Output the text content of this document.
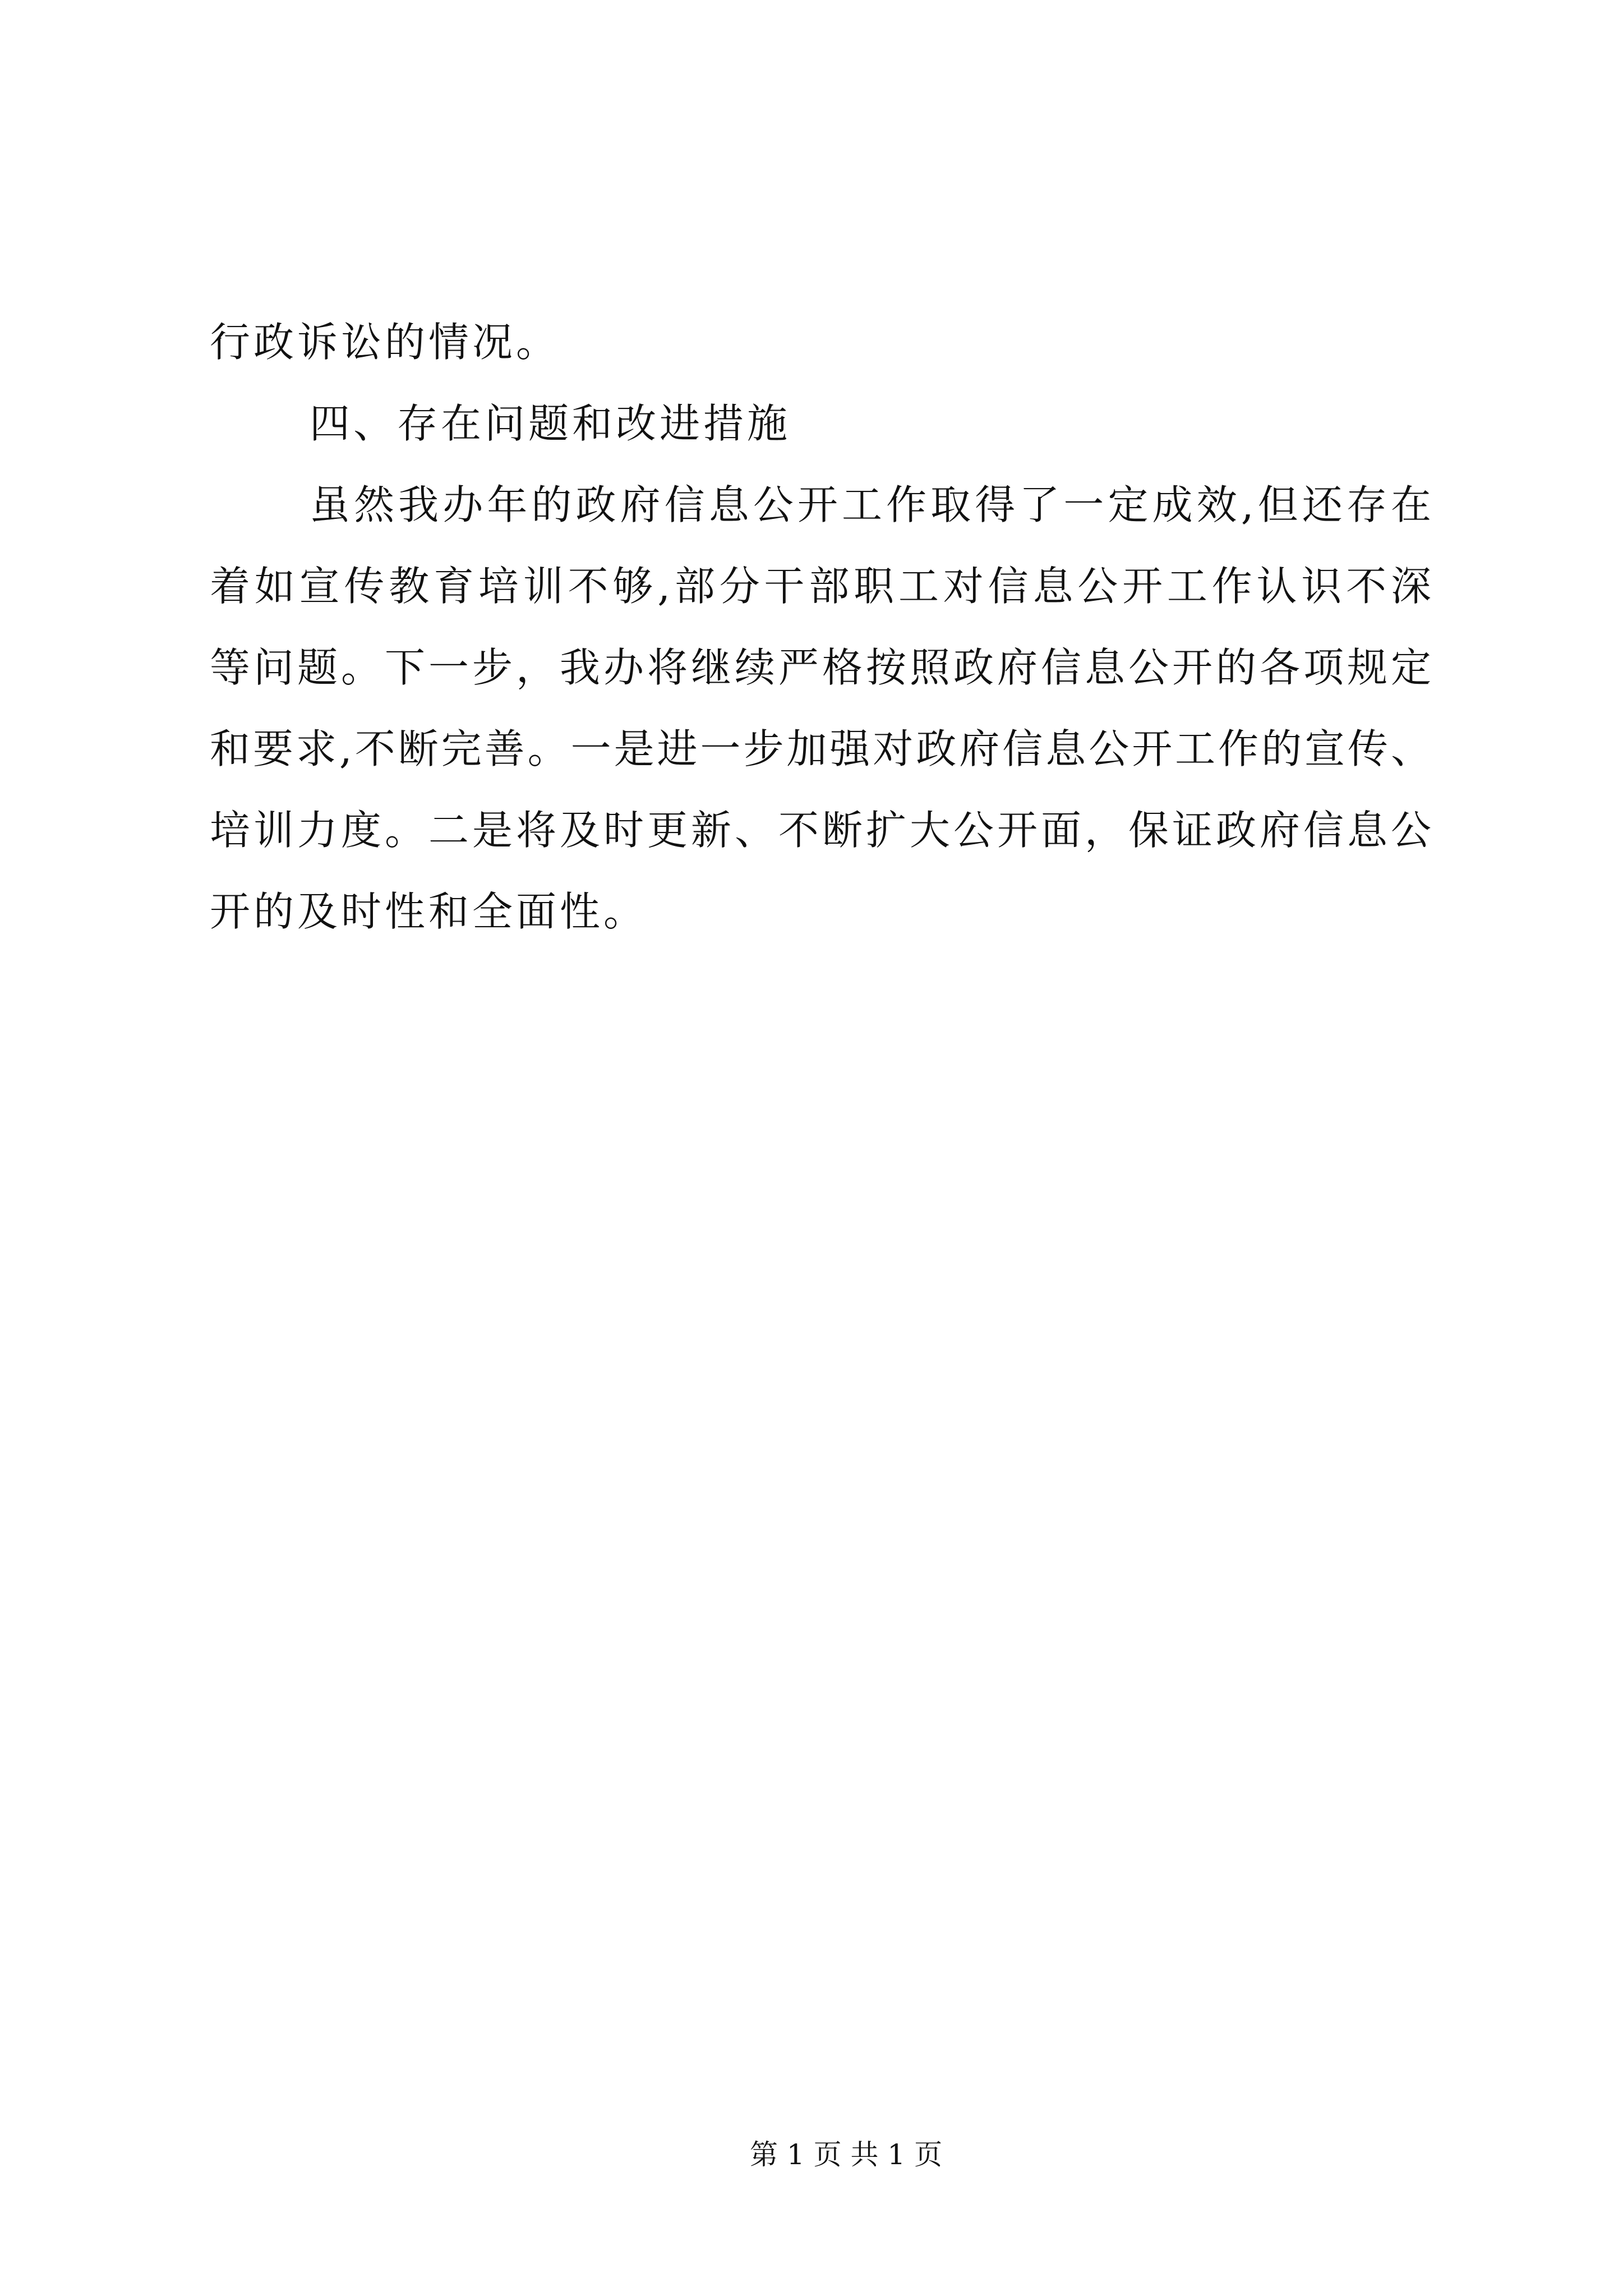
行政诉讼的情况。
四、存在问题和改进措施
虽然我办年的政府信息公开工作取得了一定成效,但还存在
着如宣传教育培训不够,部分干部职工对信息公开工作认识不深
等问题。下一步，我办将继续严格按照政府信息公开的各项规定
和要求,不断完善。一是进一步加强对政府信息公开工作的宣传、
培训力度。二是将及时更新、不断扩大公开面，保证政府信息公
开的及时性和全面性。
第 1 页 共 1 页
